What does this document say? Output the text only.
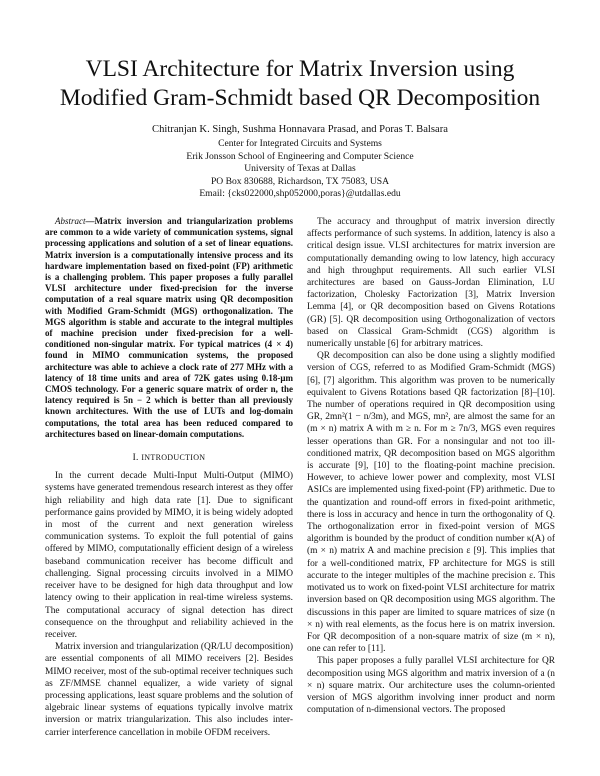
VLSI Architecture for Matrix Inversion using
Modified Gram-Schmidt based QR Decomposition
Chitranjan K. Singh, Sushma Honnavara Prasad, and Poras T. Balsara
Center for Integrated Circuits and Systems
Erik Jonsson School of Engineering and Computer Science
University of Texas at Dallas
PO Box 830688, Richardson, TX 75083, USA
Email: {cks022000,shp052000,poras}@utdallas.edu

Abstract—Matrix inversion and triangularization problems are common to a wide variety of communication systems, signal processing applications and solution of a set of linear equations. Matrix inversion is a computationally intensive process and its hardware implementation based on fixed-point (FP) arithmetic is a challenging problem. This paper proposes a fully parallel VLSI architecture under fixed-precision for the inverse computation of a real square matrix using QR decomposition with Modified Gram-Schmidt (MGS) orthogonalization. The MGS algorithm is stable and accurate to the integral multiples of machine precision under fixed-precision for a well-conditioned non-singular matrix. For typical matrices (4 × 4) found in MIMO communication systems, the proposed architecture was able to achieve a clock rate of 277 MHz with a latency of 18 time units and area of 72K gates using 0.18-μm CMOS technology. For a generic square matrix of order n, the latency required is 5n − 2 which is better than all previously known architectures. With the use of LUTs and log-domain computations, the total area has been reduced compared to architectures based on linear-domain computations.

I. INTRODUCTION

In the current decade Multi-Input Multi-Output (MIMO) systems have generated tremendous research interest as they offer high reliability and high data rate [1]. Due to significant performance gains provided by MIMO, it is being widely adopted in most of the current and next generation wireless communication systems. To exploit the full potential of gains offered by MIMO, computationally efficient design of a wireless baseband communication receiver has become difficult and challenging. Signal processing circuits involved in a MIMO receiver have to be designed for high data throughput and low latency owing to their application in real-time wireless systems. The computational accuracy of signal detection has direct consequence on the throughput and reliability achieved in the receiver.

Matrix inversion and triangularization (QR/LU decomposition) are essential components of all MIMO receivers [2]. Besides MIMO receiver, most of the sub-optimal receiver techniques such as ZF/MMSE channel equalizer, a wide variety of signal processing applications, least square problems and the solution of algebraic linear systems of equations typically involve matrix inversion or matrix triangularization. This also includes inter-carrier interference cancellation in mobile OFDM receivers.

The accuracy and throughput of matrix inversion directly affects performance of such systems. In addition, latency is also a critical design issue. VLSI architectures for matrix inversion are computationally demanding owing to low latency, high accuracy and high throughput requirements. All such earlier VLSI architectures are based on Gauss-Jordan Elimination, LU factorization, Cholesky Factorization [3], Matrix Inversion Lemma [4], or QR decomposition based on Givens Rotations (GR) [5]. QR decomposition using Orthogonalization of vectors based on Classical Gram-Schmidt (CGS) algorithm is numerically unstable [6] for arbitrary matrices.

QR decomposition can also be done using a slightly modified version of CGS, referred to as Modified Gram-Schmidt (MGS) [6], [7] algorithm. This algorithm was proven to be numerically equivalent to Givens Rotations based QR factorization [8]–[10]. The number of operations required in QR decomposition using GR, 2mn²(1 − n/3m), and MGS, mn², are almost the same for an (m × n) matrix A with m ≥ n. For m ≥ 7n/3, MGS even requires lesser operations than GR. For a nonsingular and not too ill-conditioned matrix, QR decomposition based on MGS algorithm is accurate [9], [10] to the floating-point machine precision. However, to achieve lower power and complexity, most VLSI ASICs are implemented using fixed-point (FP) arithmetic. Due to the quantization and round-off errors in fixed-point arithmetic, there is loss in accuracy and hence in turn the orthogonality of Q. The orthogonalization error in fixed-point version of MGS algorithm is bounded by the product of condition number κ(A) of (m × n) matrix A and machine precision ε [9]. This implies that for a well-conditioned matrix, FP architecture for MGS is still accurate to the integer multiples of the machine precision ε. This motivated us to work on fixed-point VLSI architecture for matrix inversion based on QR decomposition using MGS algorithm. The discussions in this paper are limited to square matrices of size (n × n) with real elements, as the focus here is on matrix inversion. For QR decomposition of a non-square matrix of size (m × n), one can refer to [11].

This paper proposes a fully parallel VLSI architecture for QR decomposition using MGS algorithm and matrix inversion of a (n × n) square matrix. Our architecture uses the column-oriented version of MGS algorithm involving inner product and norm computation of n-dimensional vectors. The proposed
